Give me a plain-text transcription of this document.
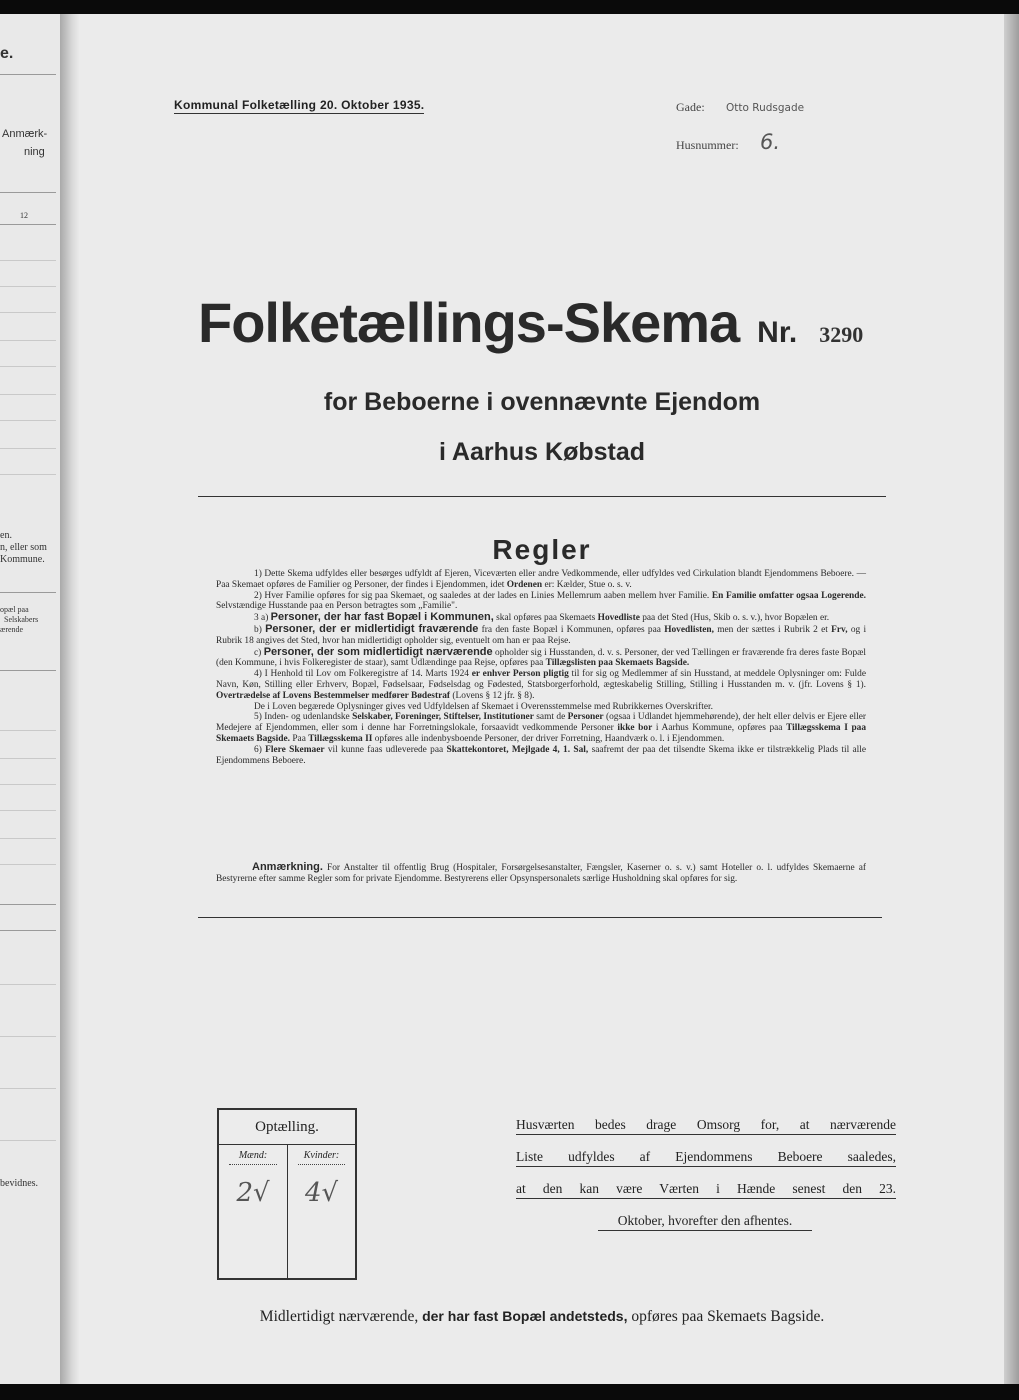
e.
Anmærk-
ning
12
en.
n, eller som
Kommune.
opæl paa
Selskabers
ærende
bevidnes.
Kommunal Folketælling 20. Oktober 1935.	Gade: Otto Rudsgade
Husnummer: 6.
Folketællings-Skema Nr. 3290
for Beboerne i ovennævnte Ejendom
i Aarhus Købstad
Regler

1) Dette Skema udfyldes eller besørges udfyldt af Ejeren, Viceværten eller andre Vedkommende, eller udfyldes ved Cirkulation blandt Ejendommens Beboere. — Paa Skemaet opføres de Familier og Personer, der findes i Ejendommen, idet Ordenen er: Kælder, Stue o. s. v.

2) Hver Familie opføres for sig paa Skemaet, og saaledes at der lades en Linies Mellemrum aaben mellem hver Familie. En Familie omfatter ogsaa Logerende. Selvstændige Husstande paa en Person betragtes som „Familie".

3 a) Personer, der har fast Bopæl i Kommunen, skal opføres paa Skemaets Hovedliste paa det Sted (Hus, Skib o. s. v.), hvor Bopælen er.

b) Personer, der er midlertidigt fraværende fra den faste Bopæl i Kommunen, opføres paa Hovedlisten, men der sættes i Rubrik 2 et Frv, og i Rubrik 18 angives det Sted, hvor han midlertidigt opholder sig, eventuelt om han er paa Rejse.

c) Personer, der som midlertidigt nærværende opholder sig i Husstanden, d. v. s. Personer, der ved Tællingen er fraværende fra deres faste Bopæl (den Kommune, i hvis Folkeregister de staar), samt Udlændinge paa Rejse, opføres paa Tillægslisten paa Skemaets Bagside.

4) I Henhold til Lov om Folkeregistre af 14. Marts 1924 er enhver Person pligtig til for sig og Medlemmer af sin Husstand, at meddele Oplysninger om: Fulde Navn, Køn, Stilling eller Erhverv, Bopæl, Fødselsaar, Fødselsdag og Fødested, Statsborgerforhold, ægteskabelig Stilling, Stilling i Husstanden m. v. (jfr. Lovens § 1). Overtrædelse af Lovens Bestemmelser medfører Bødestraf (Lovens § 12 jfr. § 8).

De i Loven begærede Oplysninger gives ved Udfyldelsen af Skemaet i Overensstemmelse med Rubrikkernes Overskrifter.

5) Inden- og udenlandske Selskaber, Foreninger, Stiftelser, Institutioner samt de Personer (ogsaa i Udlandet hjemmehørende), der helt eller delvis er Ejere eller Medejere af Ejendommen, eller som i denne har Forretningslokale, forsaavidt vedkommende Personer ikke bor i Aarhus Kommune, opføres paa Tillægsskema I paa Skemaets Bagside. Paa Tillægsskema II opføres alle indenbysboende Personer, der driver Forretning, Haandværk o. l. i Ejendommen.

6) Flere Skemaer vil kunne faas udleverede paa Skattekontoret, Mejlgade 4, 1. Sal, saafremt der paa det tilsendte Skema ikke er tilstrækkelig Plads til alle Ejendommens Beboere.

Anmærkning. For Anstalter til offentlig Brug (Hospitaler, Forsørgelsesanstalter, Fængsler, Kaserner o. s. v.) samt Hoteller o. l. udfyldes Skemaerne af Bestyrerne efter samme Regler som for private Ejendomme. Bestyrerens eller Opsynspersonalets særlige Husholdning skal opføres for sig.
Optælling.
Mænd:
2√
Kvinder:
4√
Husværten bedes drage Omsorg for, at nærværende
Liste udfyldes af Ejendommens Beboere saaledes,
at den kan være Værten i Hænde senest den 23.
Oktober, hvorefter den afhentes.
Midlertidigt nærværende, der har fast Bopæl andetsteds, opføres paa Skemaets Bagside.
